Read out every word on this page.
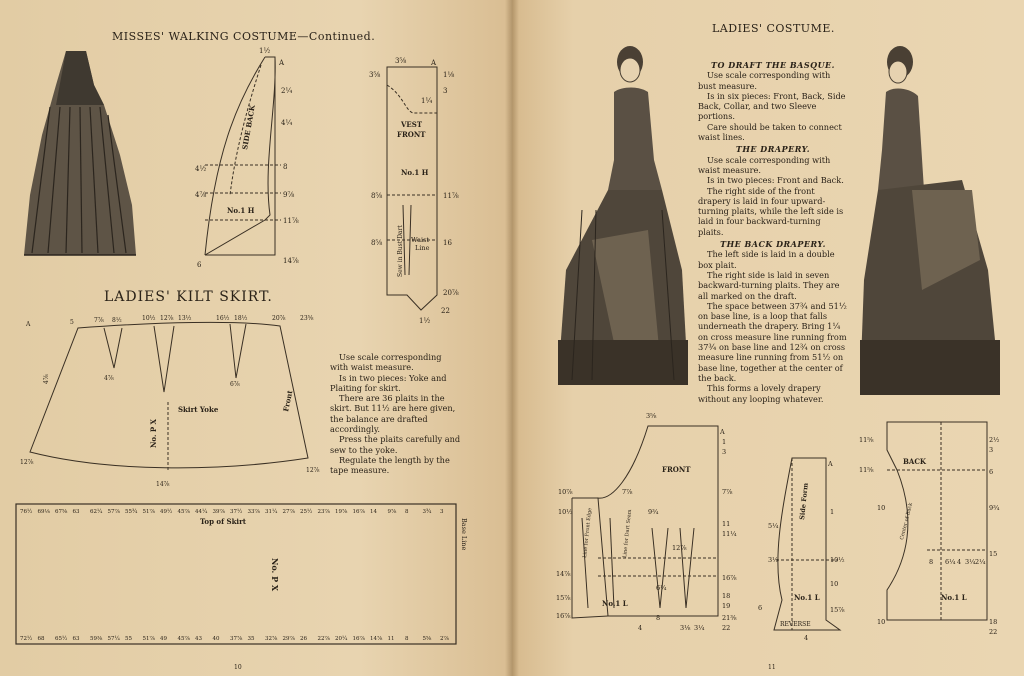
MISSES' WALKING COSTUME—Continued.
1½
A
2¼
4¼
4½	8
4⅞	9⅞
11⅞
14⅞
6
SIDE BACK
No.1 H
3⅝
3⅝	1⅛
3
1¼
8⅝	11⅞
8⅝	16
20⅞
1½
22
A
VEST
FRONT
No.1 H
Sew in Bust Dart Waist
Line
LADIES' KILT SKIRT.
A	5	7⅞ 8½	10½ 12⅞ 13½	16½ 18½	20⅞ 23⅝
4⅞	4⅞
6⅞
12⅞
12⅞
14⅞
Skirt Yoke
No. P X
Front

Use scale corresponding with waist measure.

Is in two pieces: Yoke and Plaiting for skirt.

There are 36 plaits in the skirt. But 11½ are here given, the balance are drafted accordingly.

Press the plaits carefully and sew to the yoke.

Regulate the length by the tape measure.

Top of Skirt
No. P X
Base Line
76½ 69⅛ 67⅝ 63 62¼ 57⅞ 55¾ 51⅞ 49½ 45⅞ 44¼ 39⅞ 37½ 33⅞ 31¼ 27⅞ 25½ 23⅞ 19⅞ 16⅞ 14 9⅞ 8	3¾ 3
72½ 68 65½ 63 59⅜ 57¼ 55 51⅞ 49 45⅞ 43 40 37⅞ 35 32⅞ 29⅞ 26 22⅞ 20¼ 16⅞ 14⅞ 11 8	5⅝ 2⅞
10
LADIES' COSTUME.

TO DRAFT THE BASQUE.

Use scale corresponding with bust measure.

Is in six pieces: Front, Back, Side Back, Collar, and two Sleeve portions.

Care should be taken to connect waist lines.

THE DRAPERY.

Use scale corresponding with waist measure.

Is in two pieces: Front and Back.

The right side of the front drapery is laid in four upward-turning plaits, while the left side is laid in four backward-turning plaits.

THE BACK DRAPERY.

The left side is laid in a double box plait.

The right side is laid in seven backward-turning plaits. They are all marked on the draft.

The space between 37¾ and 51½ on base line, is a loop that falls underneath the drapery. Bring 1¼ on cross measure line running from 37¾ on base line and 12¾ on cross measure line running from 51½ on base line, together at the center of the back.

This forms a lovely drapery without any looping whatever.

3⅝
A
1
3
10⅞	7⅞	7⅞
10½	9¾
11
11¼
12⅞
14⅞
16⅞
16⅞
18
19
21⅜
22
8
3⅛ 3¼
15⅞
6¼
4
FRONT
No.1 L
Line for Front Edge	Line for Dart Seam
A
5¼
3½
1
10½
10
15⅞
6
4
Side Form
No.1 L
REVERSE
11⅝	2½
3
11⅝	6
9¾
10
15
8 6¼ 4 3¼ 2¼
10	18
22
BACK
No.1 L
Center of Back
11
